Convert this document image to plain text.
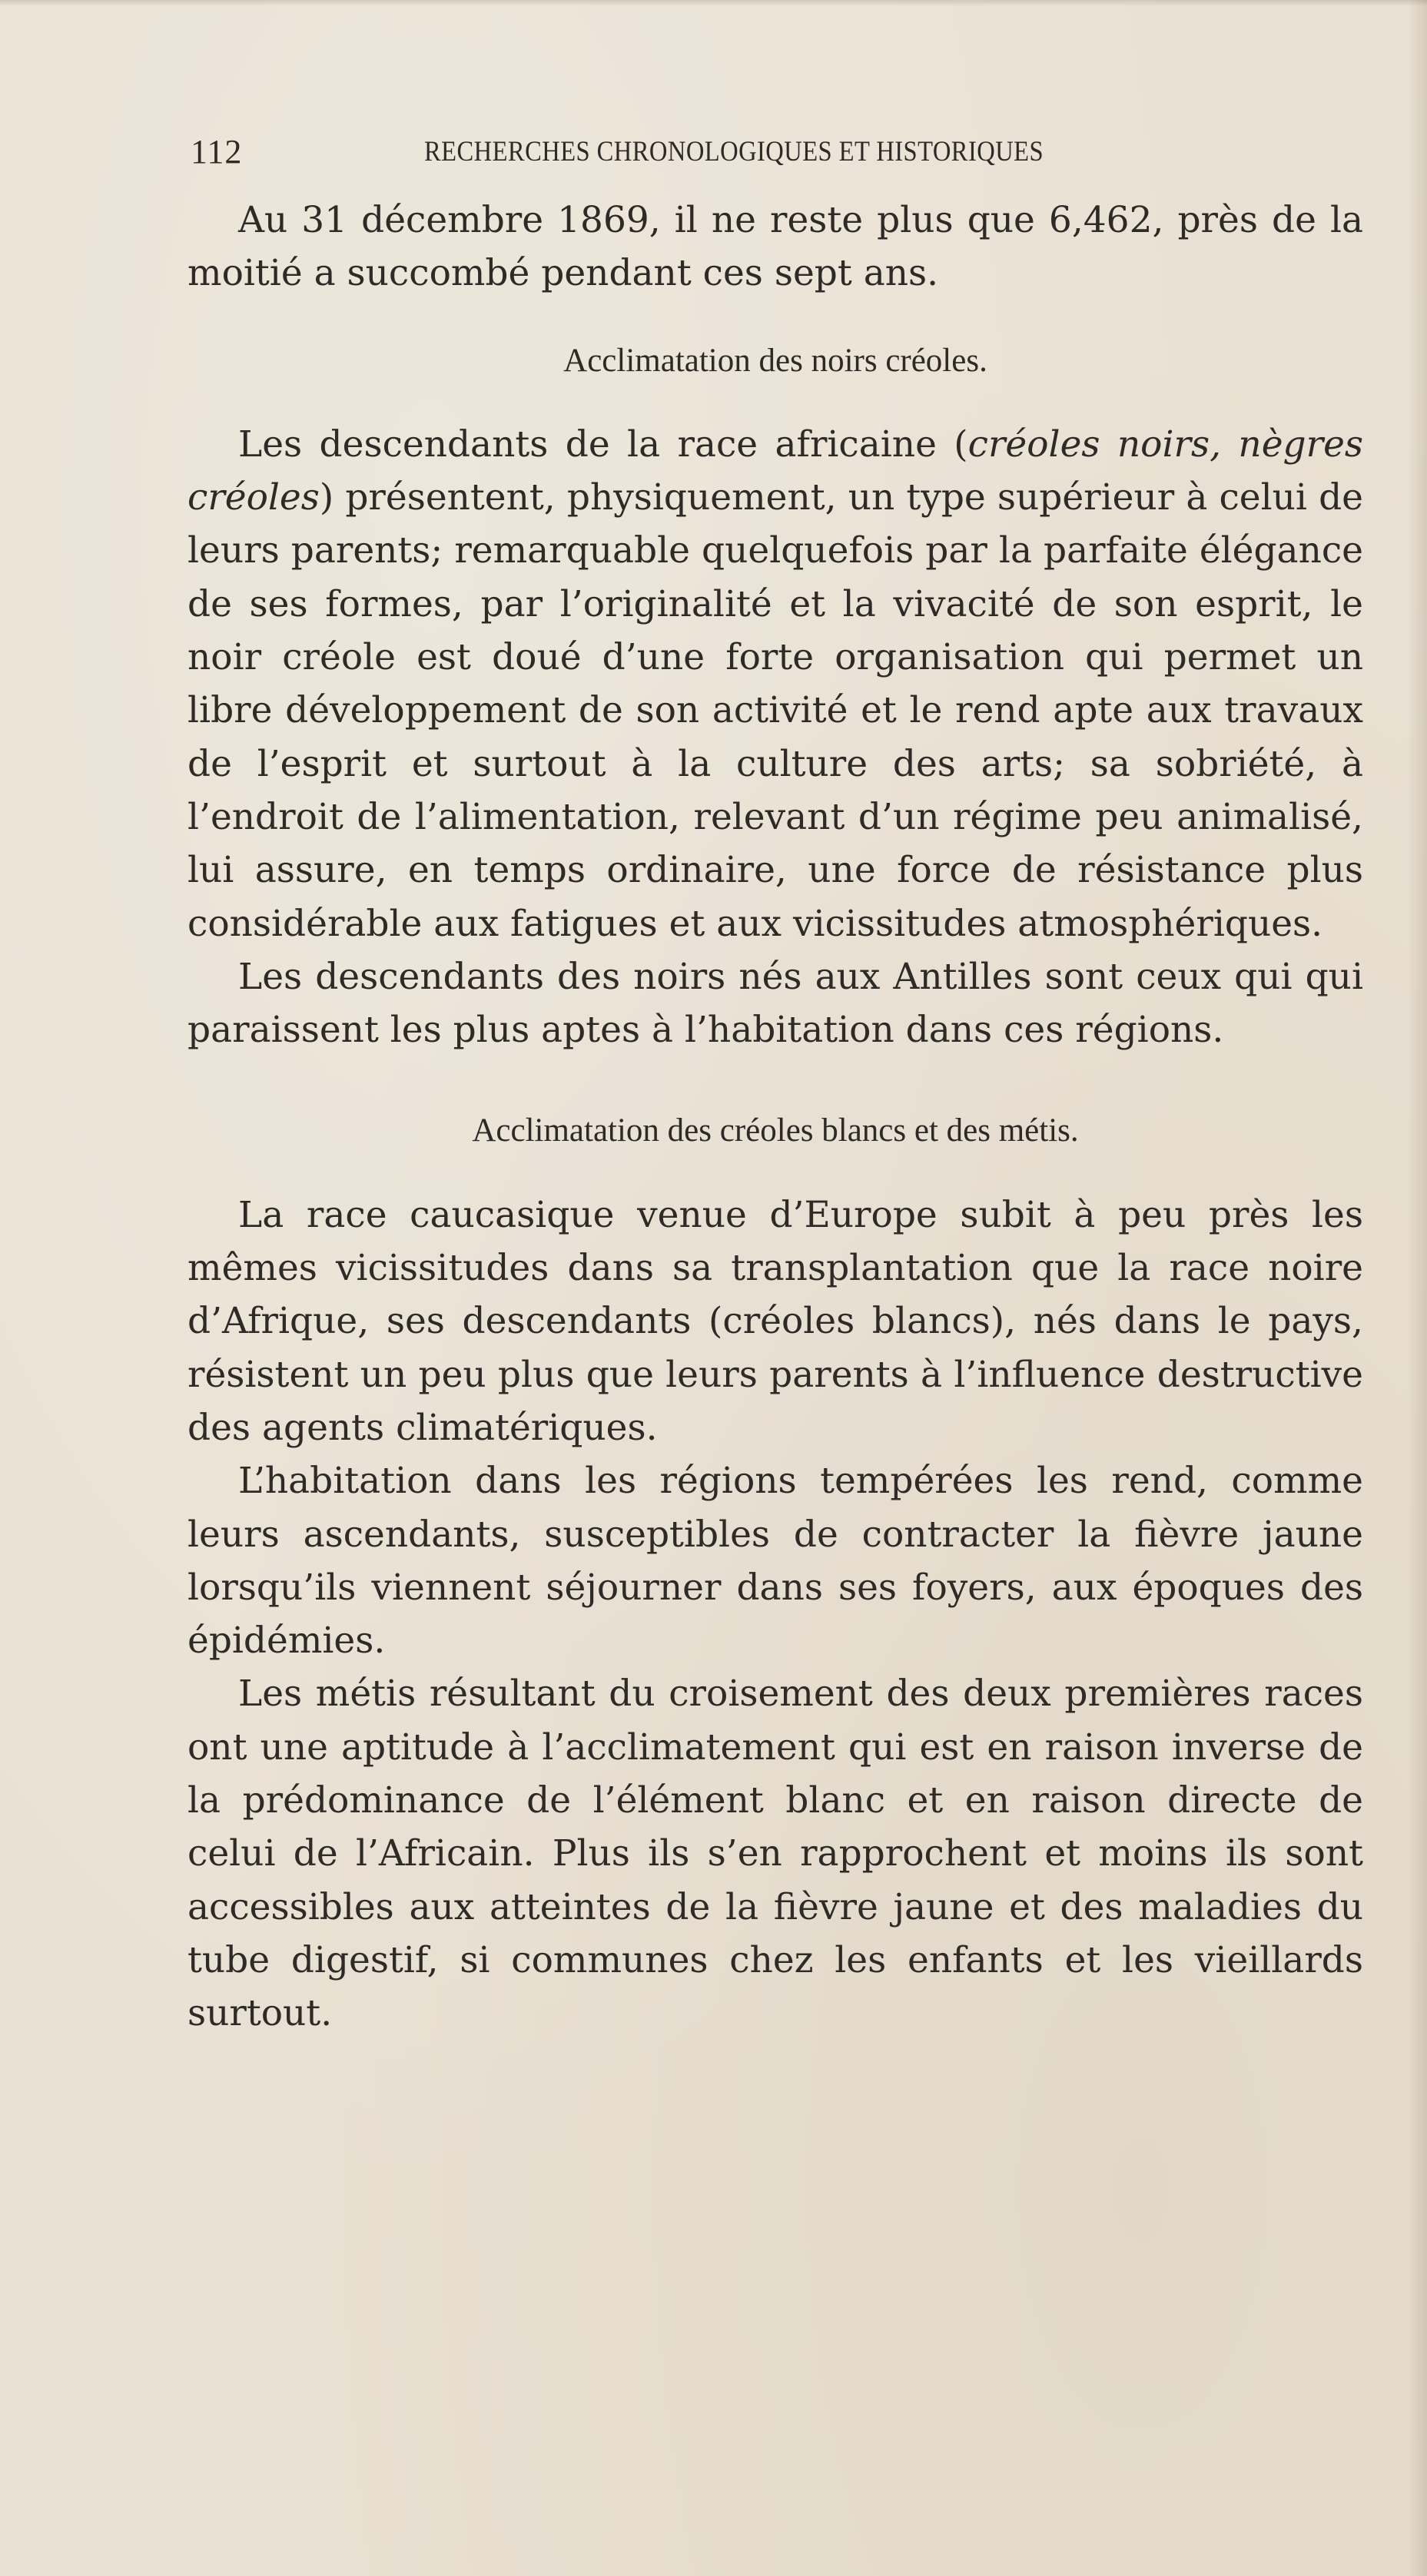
112	RECHERCHES CHRONOLOGIQUES ET HISTORIQUES

Au 31 décembre 1869, il ne reste plus que 6,462, près de la moitié a succombé pendant ces sept ans.

Acclimatation des noirs créoles.

Les descendants de la race africaine (créoles noirs, nègres créoles) présentent, physiquement, un type supérieur à celui de leurs parents; remarquable quelquefois par la parfaite élégance de ses formes, par l’originalité et la vivacité de son esprit, le noir créole est doué d’une forte organisation qui permet un libre développement de son activité et le rend apte aux travaux de l’esprit et surtout à la culture des arts; sa sobriété, à l’endroit de l’alimentation, relevant d’un régime peu animalisé, lui assure, en temps ordinaire, une force de résistance plus considérable aux fatigues et aux vicissitudes atmosphériques.

Les descendants des noirs nés aux Antilles sont ceux qui qui paraissent les plus aptes à l’habitation dans ces régions.

Acclimatation des créoles blancs et des métis.

La race caucasique venue d’Europe subit à peu près les mêmes vicissitudes dans sa transplantation que la race noire d’Afrique, ses descendants (créoles blancs), nés dans le pays, résistent un peu plus que leurs parents à l’influence destructive des agents climatériques.

L’habitation dans les régions tempérées les rend, comme leurs ascendants, susceptibles de contracter la fièvre jaune lorsqu’ils viennent séjourner dans ses foyers, aux époques des épidémies.

Les métis résultant du croisement des deux premières races ont une aptitude à l’acclimatement qui est en raison inverse de la prédominance de l’élément blanc et en raison directe de celui de l’Africain. Plus ils s’en rapprochent et moins ils sont accessibles aux atteintes de la fièvre jaune et des maladies du tube digestif, si communes chez les enfants et les vieillards surtout.
